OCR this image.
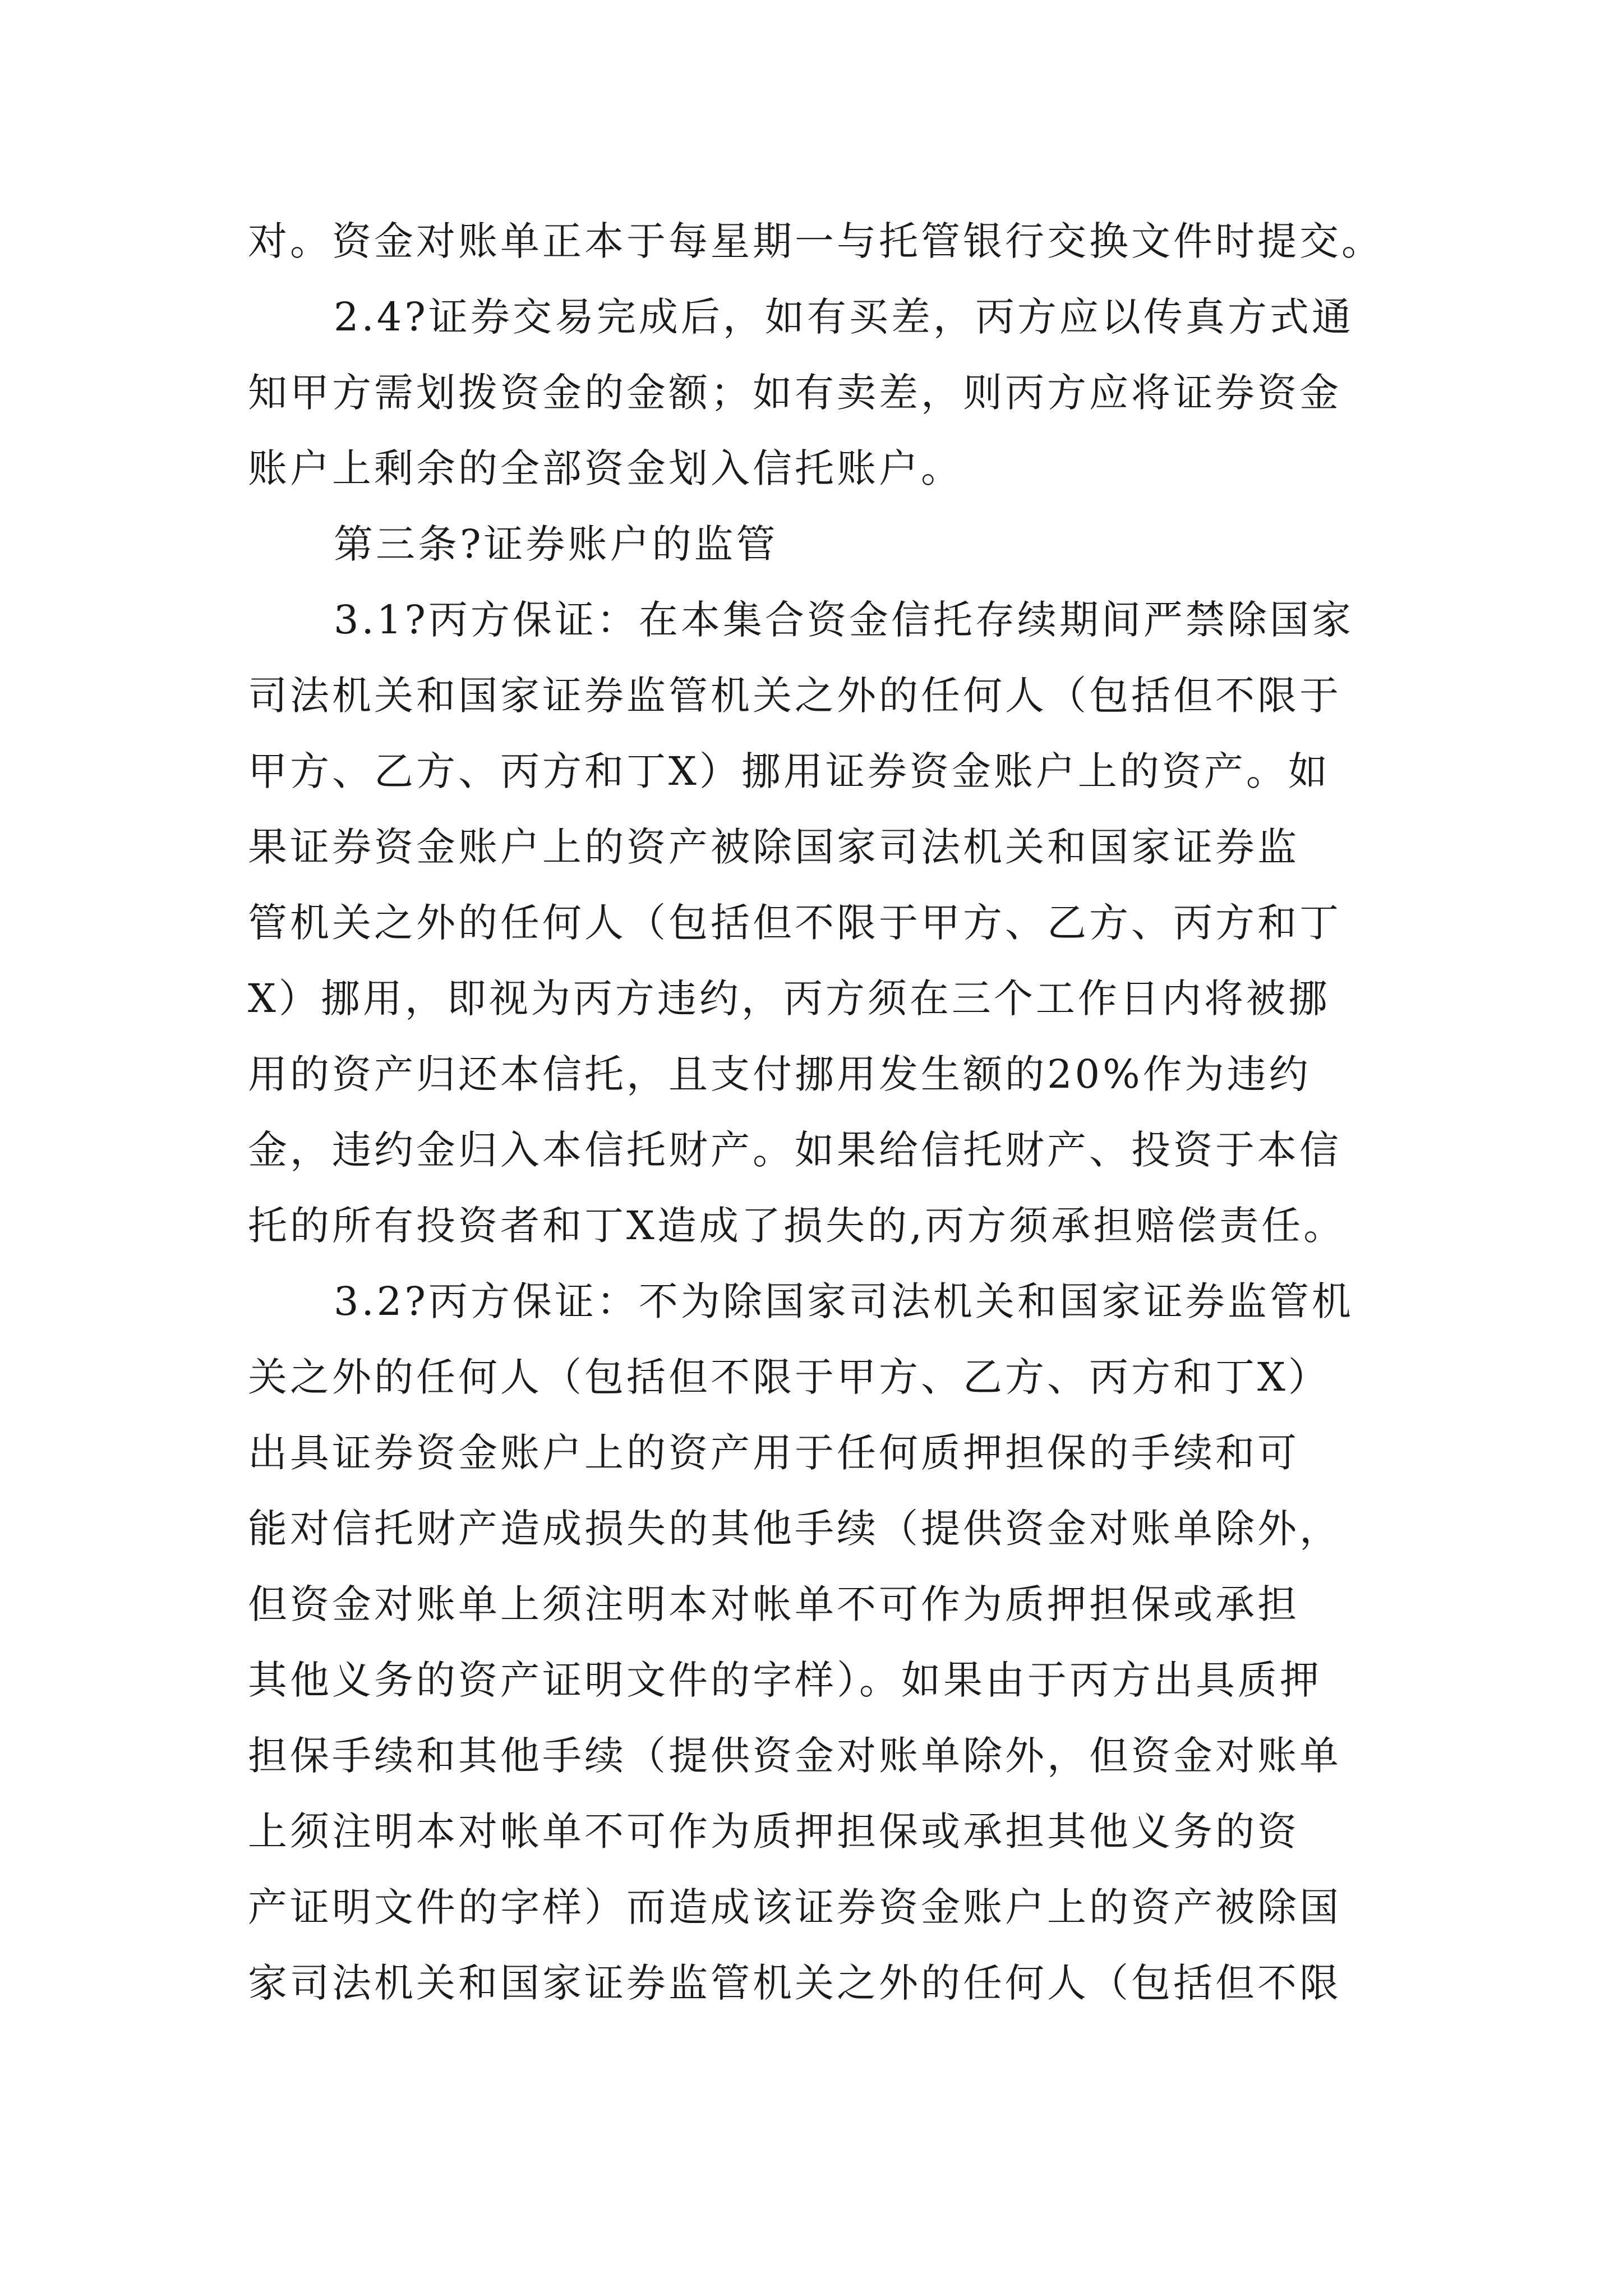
对。资金对账单正本于每星期一与托管银行交换文件时提交。

2.4?证券交易完成后，如有买差，丙方应以传真方式通

知甲方需划拨资金的金额；如有卖差，则丙方应将证券资金

账户上剩余的全部资金划入信托账户。

第三条?证券账户的监管

3.1?丙方保证：在本集合资金信托存续期间严禁除国家

司法机关和国家证券监管机关之外的任何人（包括但不限于

甲方、乙方、丙方和丁X）挪用证券资金账户上的资产。如

果证券资金账户上的资产被除国家司法机关和国家证券监

管机关之外的任何人（包括但不限于甲方、乙方、丙方和丁

X）挪用，即视为丙方违约，丙方须在三个工作日内将被挪

用的资产归还本信托，且支付挪用发生额的20%作为违约

金，违约金归入本信托财产。如果给信托财产、投资于本信

托的所有投资者和丁X造成了损失的,丙方须承担赔偿责任。

3.2?丙方保证：不为除国家司法机关和国家证券监管机

关之外的任何人（包括但不限于甲方、乙方、丙方和丁X）

出具证券资金账户上的资产用于任何质押担保的手续和可

能对信托财产造成损失的其他手续（提供资金对账单除外，

但资金对账单上须注明本对帐单不可作为质押担保或承担

其他义务的资产证明文件的字样）。如果由于丙方出具质押

担保手续和其他手续（提供资金对账单除外，但资金对账单

上须注明本对帐单不可作为质押担保或承担其他义务的资

产证明文件的字样）而造成该证券资金账户上的资产被除国

家司法机关和国家证券监管机关之外的任何人（包括但不限
